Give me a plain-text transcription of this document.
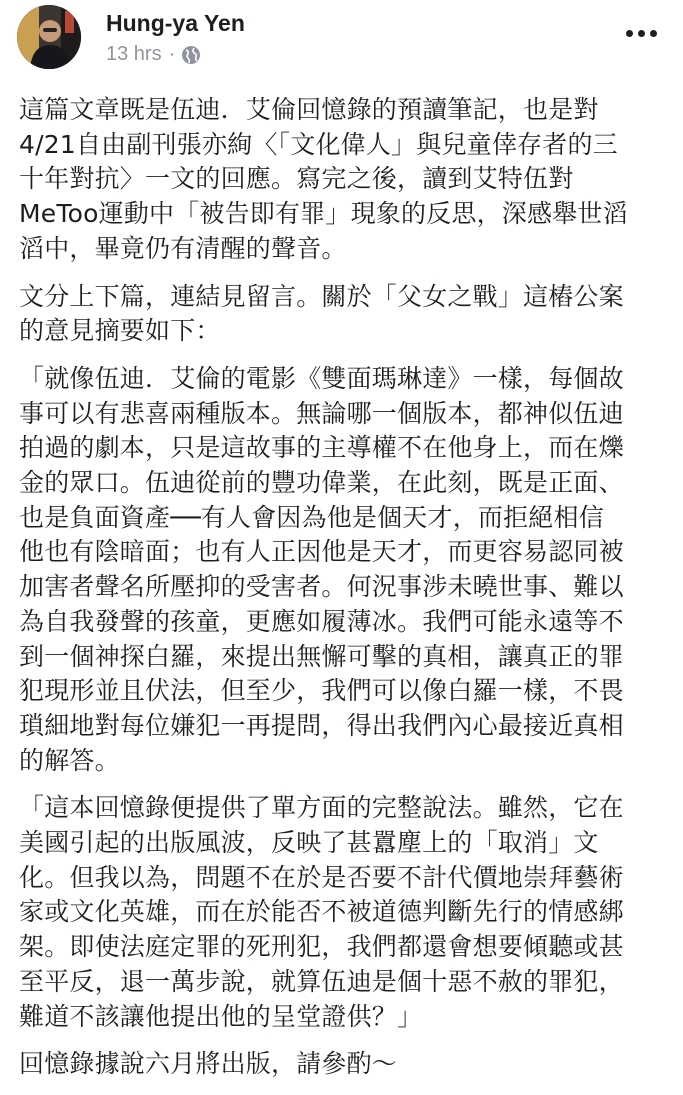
Hung-ya Yen
13 hrs ·

這篇文章既是伍迪．艾倫回憶錄的預讀筆記，也是對
4/21自由副刊張亦絢〈「文化偉人」與兒童倖存者的三
十年對抗〉一文的回應。寫完之後，讀到艾特伍對
MeToo運動中「被告即有罪」現象的反思，深感舉世滔
滔中，畢竟仍有清醒的聲音。

文分上下篇，連結見留言。關於「父女之戰」這樁公案
的意見摘要如下：

「就像伍迪．艾倫的電影《雙面瑪琳達》一樣，每個故
事可以有悲喜兩種版本。無論哪一個版本，都神似伍迪
拍過的劇本，只是這故事的主導權不在他身上，而在爍
金的眾口。伍迪從前的豐功偉業，在此刻，既是正面、
也是負面資產──有人會因為他是個天才，而拒絕相信
他也有陰暗面；也有人正因他是天才，而更容易認同被
加害者聲名所壓抑的受害者。何況事涉未曉世事、難以
為自我發聲的孩童，更應如履薄冰。我們可能永遠等不
到一個神探白羅，來提出無懈可擊的真相，讓真正的罪
犯現形並且伏法，但至少，我們可以像白羅一樣，不畏
瑣細地對每位嫌犯一再提問，得出我們內心最接近真相
的解答。

「這本回憶錄便提供了單方面的完整說法。雖然，它在
美國引起的出版風波，反映了甚囂塵上的「取消」文
化。但我以為，問題不在於是否要不計代價地崇拜藝術
家或文化英雄，而在於能否不被道德判斷先行的情感綁
架。即使法庭定罪的死刑犯，我們都還會想要傾聽或甚
至平反，退一萬步說，就算伍迪是個十惡不赦的罪犯，
難道不該讓他提出他的呈堂證供？」

回憶錄據說六月將出版，請參酌～
